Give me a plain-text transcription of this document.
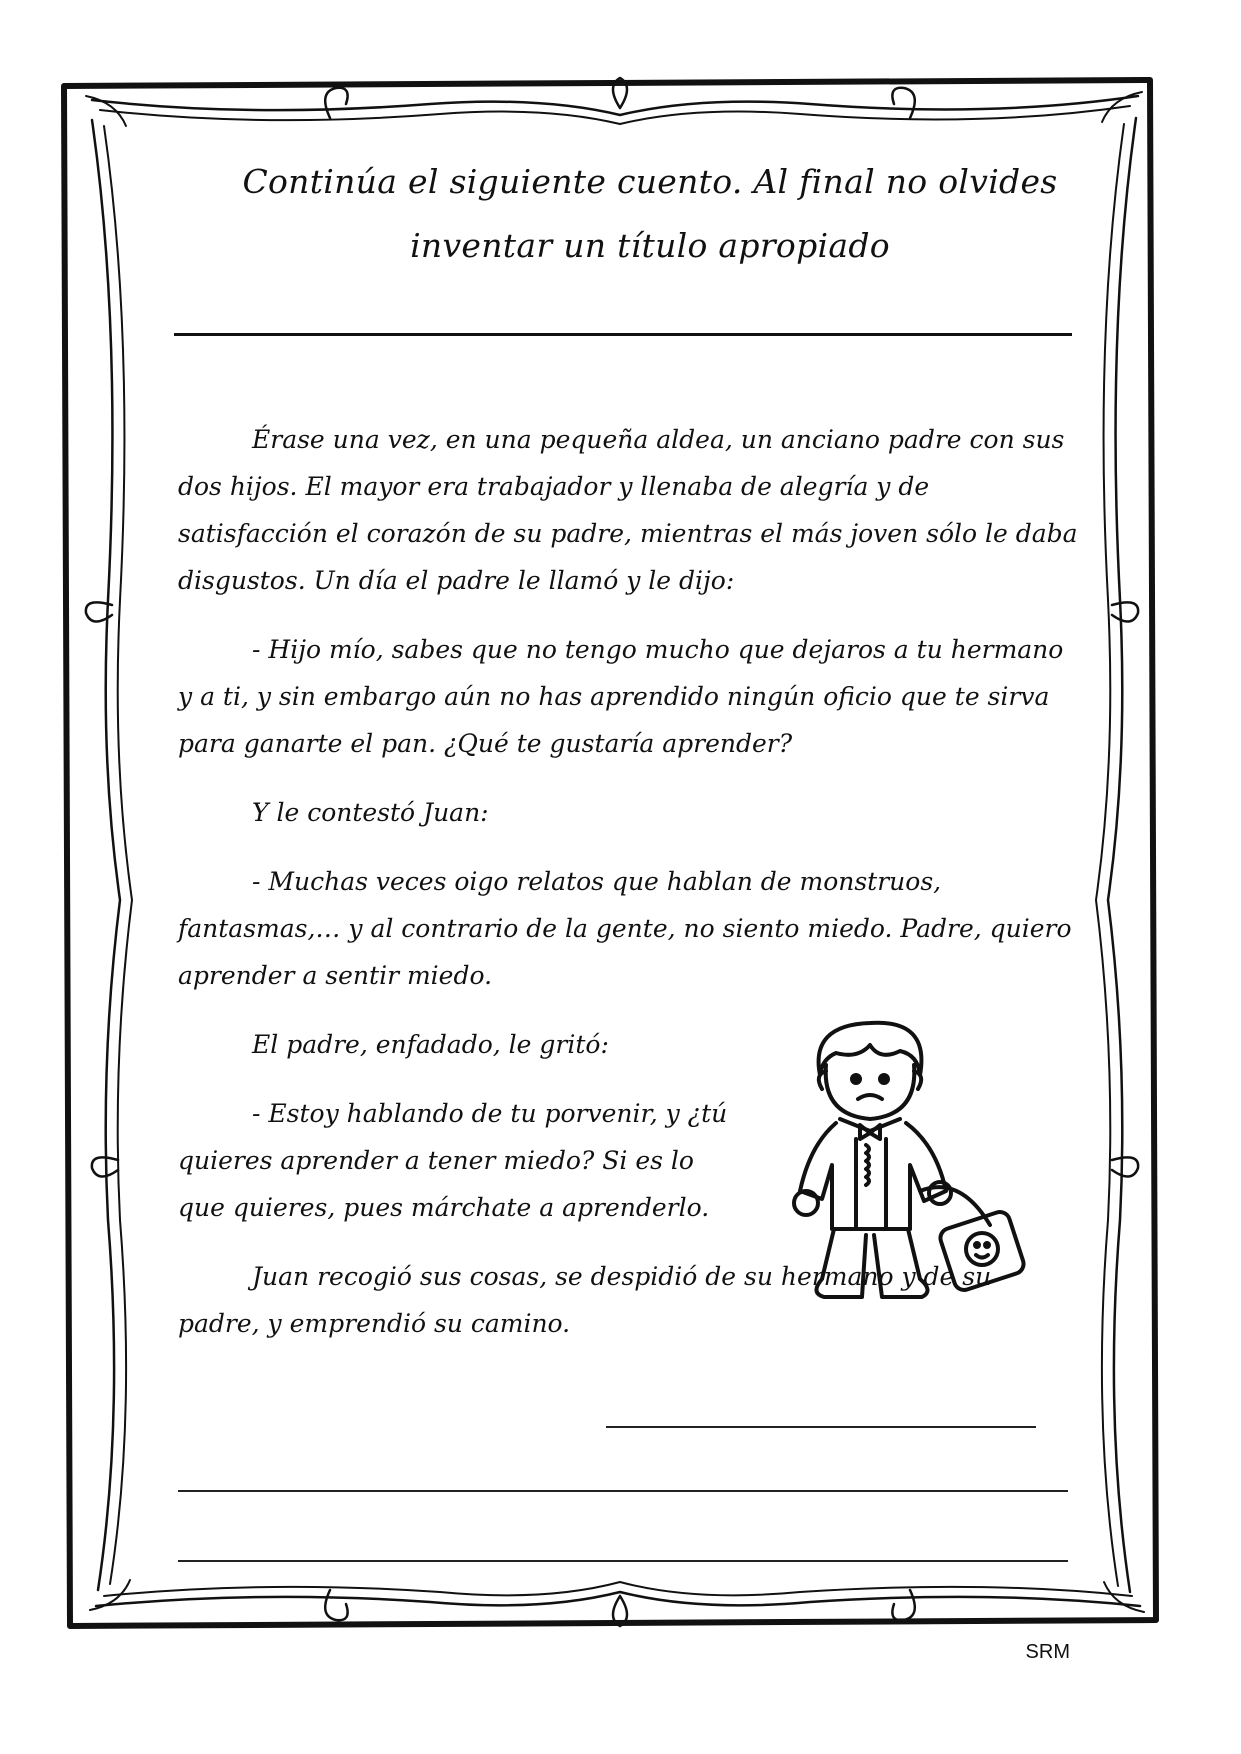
Continúa el siguiente cuento. Al final no olvides
inventar un título apropiado

Érase una vez, en una pequeña aldea, un anciano padre con sus dos hijos. El mayor era trabajador y llenaba de alegría y de satisfacción el corazón de su padre, mientras el más joven sólo le daba disgustos. Un día el padre le llamó y le dijo:

- Hijo mío, sabes que no tengo mucho que dejaros a tu hermano y a ti, y sin embargo aún no has aprendido ningún oficio que te sirva para ganarte el pan. ¿Qué te gustaría aprender?

Y le contestó Juan:

- Muchas veces oigo relatos que hablan de monstruos, fantasmas,… y al contrario de la gente, no siento miedo. Padre, quiero aprender a sentir miedo.

El padre, enfadado, le gritó:

- Estoy hablando de tu porvenir, y ¿tú quieres aprender a tener miedo? Si es lo que quieres, pues márchate a aprenderlo.

Juan recogió sus cosas, se despidió de su hermano y de su padre, y emprendió su camino.

SRM
